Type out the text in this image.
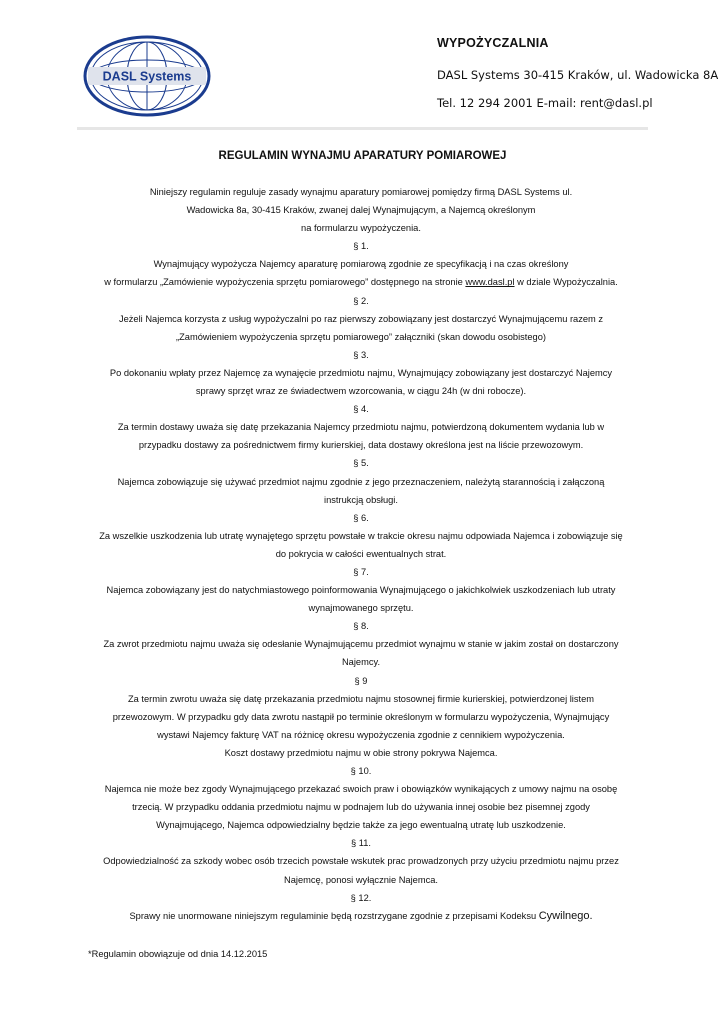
DASL Systems
WYPOŻYCZALNIA
DASL Systems 30-415 Kraków, ul. Wadowicka 8A
Tel. 12 294 2001 E-mail: rent@dasl.pl
REGULAMIN WYNAJMU APARATURY POMIAROWEJ

Niniejszy regulamin reguluje zasady wynajmu aparatury pomiarowej pomiędzy firmą DASL Systems ul.

Wadowicka 8a, 30-415 Kraków, zwanej dalej Wynajmującym, a Najemcą określonym

na formularzu wypożyczenia.

§ 1.

Wynajmujący wypożycza Najemcy aparaturę pomiarową zgodnie ze specyfikacją i na czas określony

w formularzu „Zamówienie wypożyczenia sprzętu pomiarowego” dostępnego na stronie www.dasl.pl w dziale Wypożyczalnia.

§ 2.

Jeżeli Najemca korzysta z usług wypożyczalni po raz pierwszy zobowiązany jest dostarczyć Wynajmującemu razem z

„Zamówieniem wypożyczenia sprzętu pomiarowego” załączniki (skan dowodu osobistego)

§ 3.

Po dokonaniu wpłaty przez Najemcę za wynajęcie przedmiotu najmu, Wynajmujący zobowiązany jest dostarczyć Najemcy

sprawy sprzęt wraz ze świadectwem wzorcowania, w ciągu 24h (w dni robocze).

§ 4.

Za termin dostawy uważa się datę przekazania Najemcy przedmiotu najmu, potwierdzoną dokumentem wydania lub w

przypadku dostawy za pośrednictwem firmy kurierskiej, data dostawy określona jest na liście przewozowym.

§ 5.

Najemca zobowiązuje się używać przedmiot najmu zgodnie z jego przeznaczeniem, należytą starannością i załączoną

instrukcją obsługi.

§ 6.

Za wszelkie uszkodzenia lub utratę wynajętego sprzętu powstałe w trakcie okresu najmu odpowiada Najemca i zobowiązuje się

do pokrycia w całości ewentualnych strat.

§ 7.

Najemca zobowiązany jest do natychmiastowego poinformowania Wynajmującego o jakichkolwiek uszkodzeniach lub utraty

wynajmowanego sprzętu.

§ 8.

Za zwrot przedmiotu najmu uważa się odesłanie Wynajmującemu przedmiot wynajmu w stanie w jakim został on dostarczony

Najemcy.

§ 9

Za termin zwrotu uważa się datę przekazania przedmiotu najmu stosownej firmie kurierskiej, potwierdzonej listem

przewozowym. W przypadku gdy data zwrotu nastąpił po terminie określonym w formularzu wypożyczenia, Wynajmujący

wystawi Najemcy fakturę VAT na różnicę okresu wypożyczenia zgodnie z cennikiem wypożyczenia.

Koszt dostawy przedmiotu najmu w obie strony pokrywa Najemca.

§ 10.

Najemca nie może bez zgody Wynajmującego przekazać swoich praw i obowiązków wynikających z umowy najmu na osobę

trzecią. W przypadku oddania przedmiotu najmu w podnajem lub do używania innej osobie bez pisemnej zgody

Wynajmującego, Najemca odpowiedzialny będzie także za jego ewentualną utratę lub uszkodzenie.

§ 11.

Odpowiedzialność za szkody wobec osób trzecich powstałe wskutek prac prowadzonych przy użyciu przedmiotu najmu przez

Najemcę, ponosi wyłącznie Najemca.

§ 12.

Sprawy nie unormowane niniejszym regulaminie będą rozstrzygane zgodnie z przepisami Kodeksu Cywilnego.

*Regulamin obowiązuje od dnia 14.12.2015
